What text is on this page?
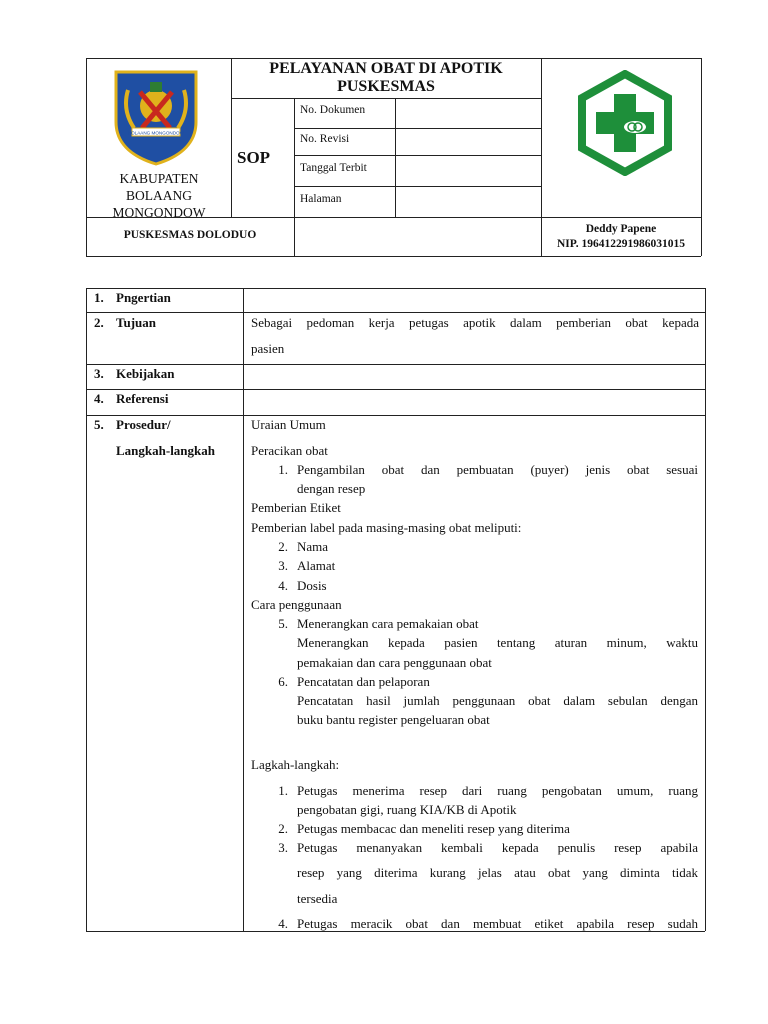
BOLAANG MONGONDOW
KABUPATEN
BOLAANG
MONGONDOW
PELAYANAN OBAT DI APOTIK
PUSKESMAS
SOP
No. Dokumen
No. Revisi
Tanggal Terbit
Halaman
PUSKESMAS DOLODUO	Deddy Papene
NIP. 196412291986031015
1. Pngertian
2. Tujuan
3. Kebijakan
4. Referensi
5. Prosedur/
Langkah-langkah
Sebagai pedoman kerja petugas apotik dalam pemberian obat kepada
pasien
Uraian Umum
Peracikan obat
1. Pengambilan obat dan pembuatan (puyer) jenis obat sesuai
dengan resep
Pemberian Etiket
Pemberian label pada masing-masing obat meliputi:
2. Nama
3. Alamat
4. Dosis
Cara penggunaan
5. Menerangkan cara pemakaian obat
Menerangkan kepada pasien tentang aturan minum, waktu
pemakaian dan cara penggunaan obat
6. Pencatatan dan pelaporan
Pencatatan hasil jumlah penggunaan obat dalam sebulan dengan
buku bantu register pengeluaran obat
Lagkah-langkah:
1. Petugas menerima resep dari ruang pengobatan umum, ruang
pengobatan gigi, ruang KIA/KB di Apotik
2. Petugas membacac dan meneliti resep yang diterima
3. Petugas menanyakan kembali kepada penulis resep apabila
resep yang diterima kurang jelas atau obat yang diminta tidak
tersedia
4. Petugas meracik obat dan membuat etiket apabila resep sudah
